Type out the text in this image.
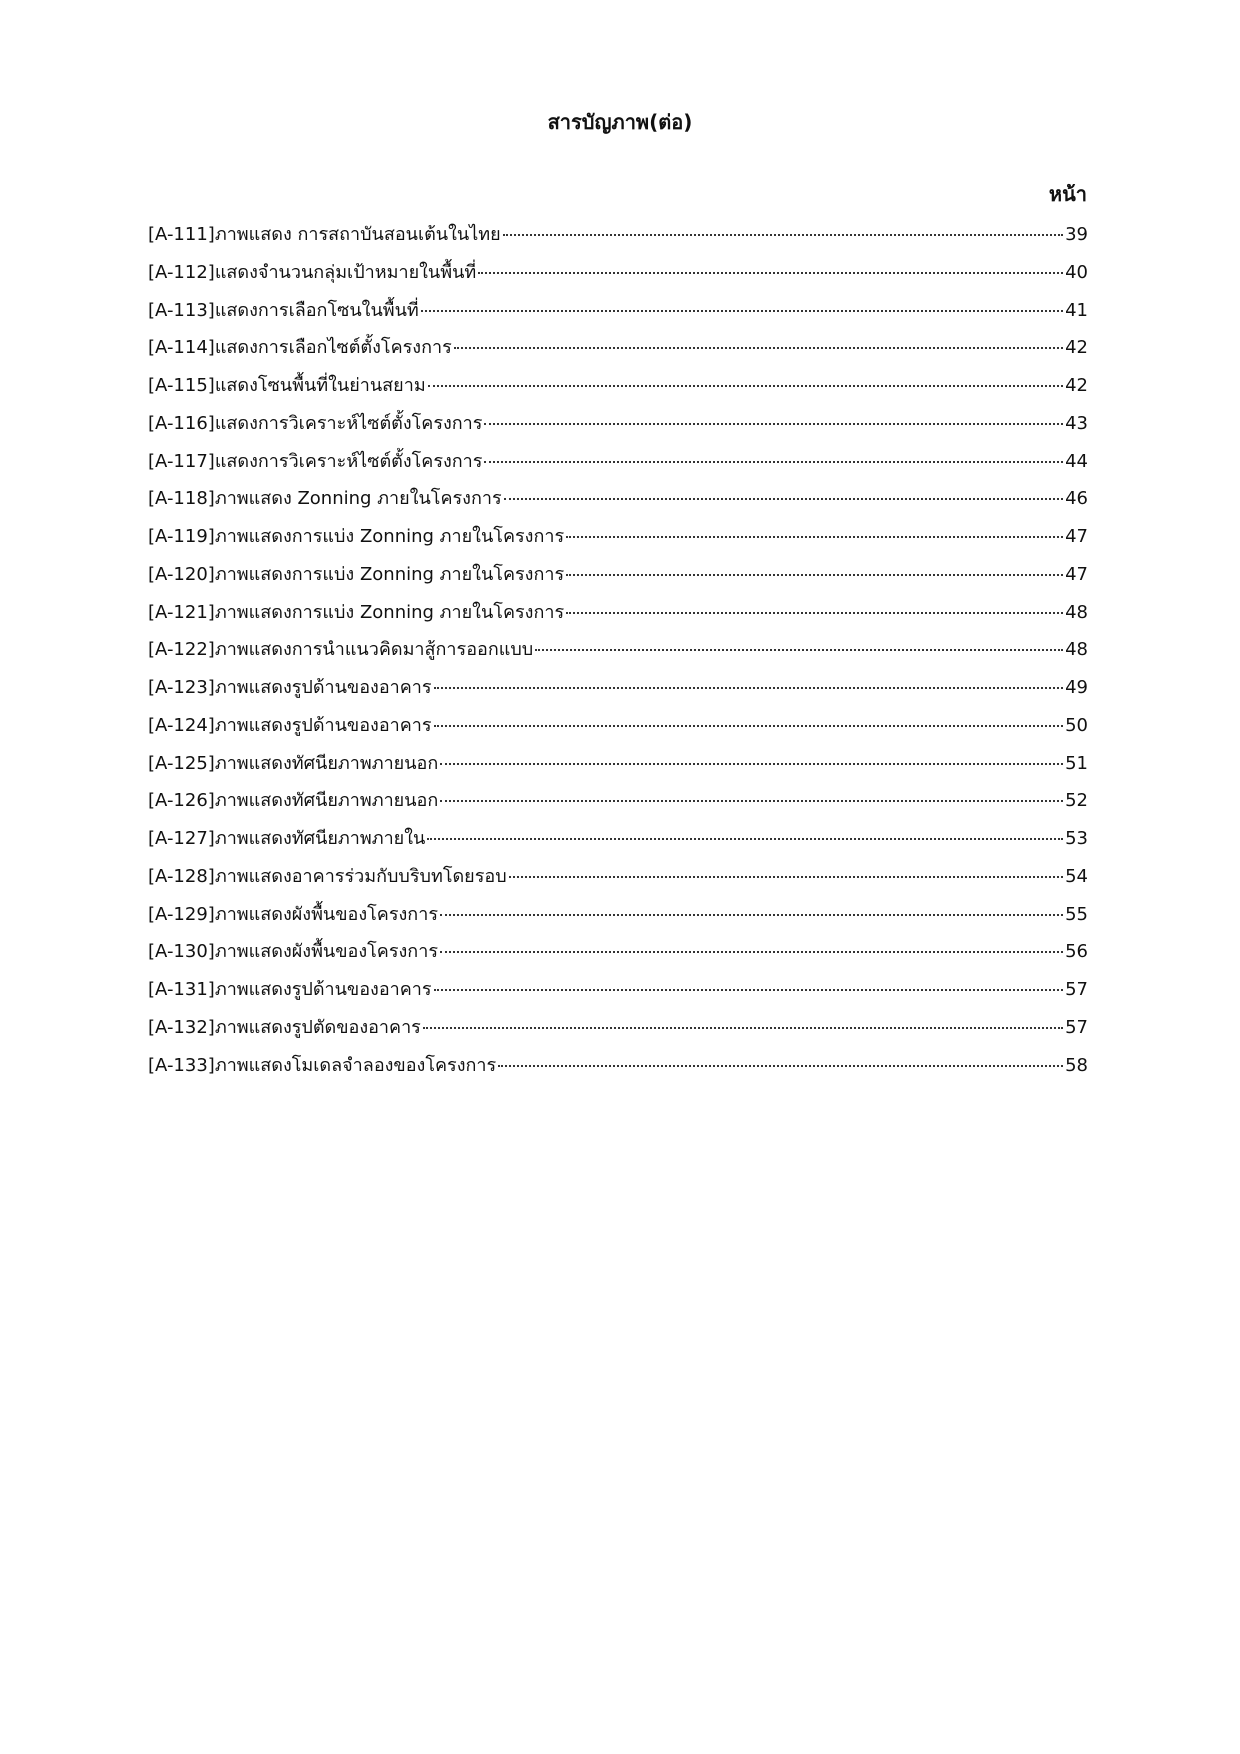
สารบัญภาพ(ต่อ)
หน้า
[A-111] ภาพแสดง การสถาบันสอนเต้นในไทย	39
[A-112] แสดงจำนวนกลุ่มเป้าหมายในพื้นที่	40
[A-113] แสดงการเลือกโซนในพื้นที่	41
[A-114] แสดงการเลือกไซต์ตั้งโครงการ	42
[A-115] แสดงโซนพื้นที่ในย่านสยาม	42
[A-116] แสดงการวิเคราะห์ไซต์ตั้งโครงการ	43
[A-117] แสดงการวิเคราะห์ไซต์ตั้งโครงการ	44
[A-118] ภาพแสดง Zonning ภายในโครงการ	46
[A-119] ภาพแสดงการแบ่ง Zonning ภายในโครงการ	47
[A-120] ภาพแสดงการแบ่ง Zonning ภายในโครงการ	47
[A-121] ภาพแสดงการแบ่ง Zonning ภายในโครงการ	48
[A-122] ภาพแสดงการนำแนวคิดมาสู้การออกแบบ	48
[A-123] ภาพแสดงรูปด้านของอาคาร	49
[A-124] ภาพแสดงรูปด้านของอาคาร	50
[A-125] ภาพแสดงทัศนียภาพภายนอก	51
[A-126] ภาพแสดงทัศนียภาพภายนอก	52
[A-127] ภาพแสดงทัศนียภาพภายใน	53
[A-128] ภาพแสดงอาคารร่วมกับบริบทโดยรอบ	54
[A-129] ภาพแสดงผังพื้นของโครงการ	55
[A-130] ภาพแสดงผังพื้นของโครงการ	56
[A-131] ภาพแสดงรูปด้านของอาคาร	57
[A-132] ภาพแสดงรูปตัดของอาคาร	57
[A-133] ภาพแสดงโมเดลจำลองของโครงการ	58
